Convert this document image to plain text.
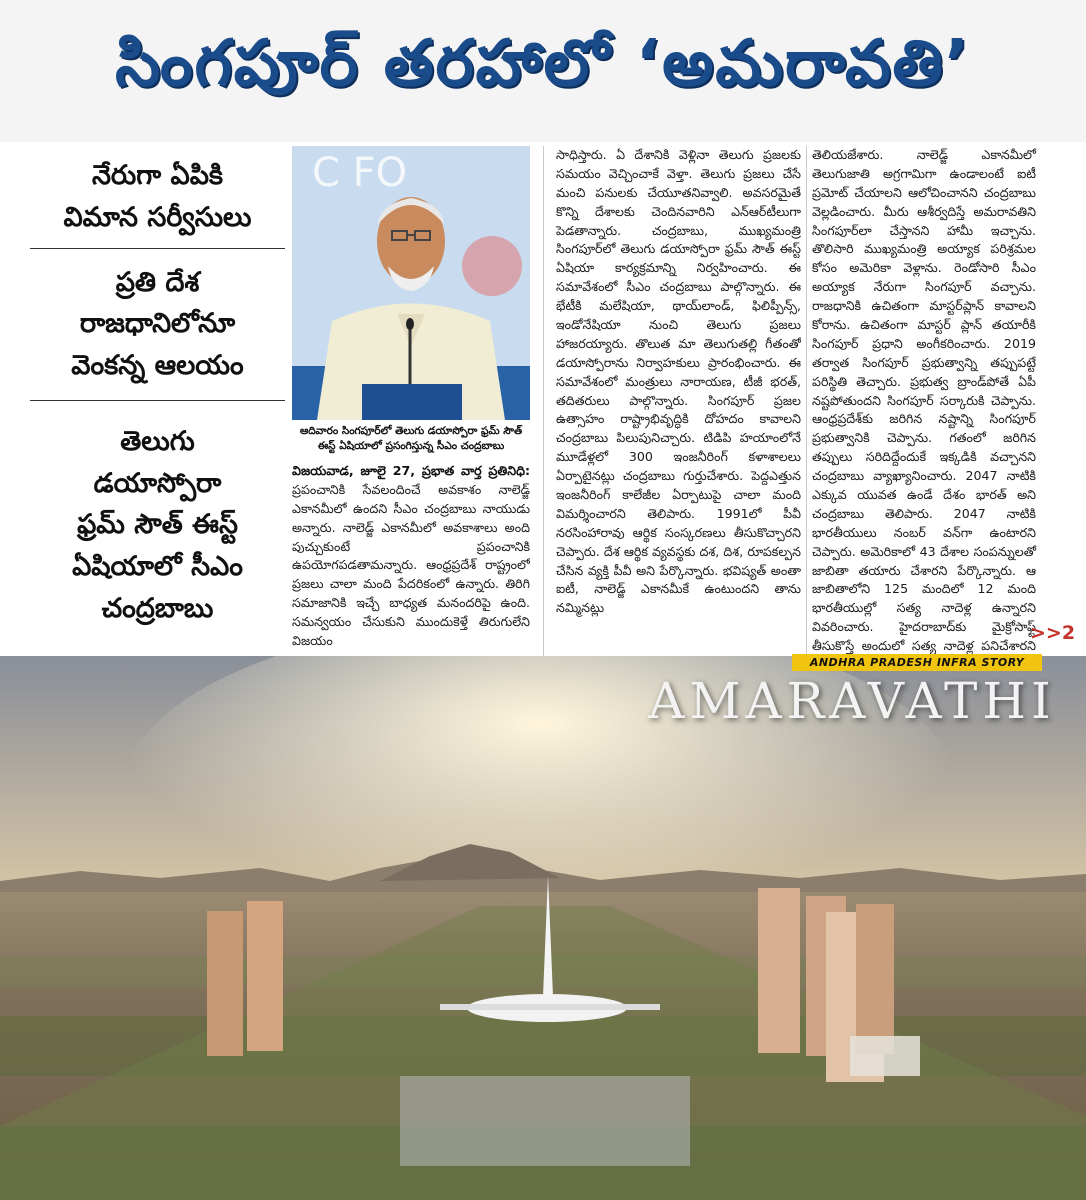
సింగపూర్ తరహాలో ‘అమరావతి’
నేరుగా ఏపికి
విమాన సర్వీసులు
ప్రతి దేశ
రాజధానిలోనూ
వెంకన్న ఆలయం
తెలుగు
డయాస్పోరా
ఫ్రమ్ సౌత్ ఈస్ట్
ఏషియాలో సీఎం
చంద్రబాబు
C FO
ఆదివారం సింగపూర్‌లో తెలుగు డయాస్పోరా ఫ్రమ్ సౌత్ ఈస్ట్ ఏషియాలో ప్రసంగిస్తున్న సీఎం చంద్రబాబు

విజయవాడ, జూలై 27, ప్రభాత వార్త ప్రతినిధి: ప్రపంచానికి సేవలందించే అవకాశం నాలెడ్జ్ ఎకానమీలో ఉందని సీఎం చంద్రబాబు నాయుడు అన్నారు. నాలెడ్జ్ ఎకానమీలో అవకాశాలు అంది పుచ్చుకుంటే ప్రపంచానికి ఉపయోగపడతామన్నారు. ఆంధ్రప్రదేశ్ రాష్ట్రంలో ప్రజలు చాలా మంది పేదరికంలో ఉన్నారు. తిరిగి సమాజానికి ఇచ్చే బాధ్యత మనందరిపై ఉంది. సమన్వయం చేసుకుని ముందుకెళ్తే తిరుగులేని విజయం

సాధిస్తారు. ఏ దేశానికి వెళ్లినా తెలుగు ప్రజలకు సమయం వెచ్చించాకే వెళ్తా. తెలుగు ప్రజలు చేసే మంచి పనులకు చేయూతనివ్వాలి. అవసరమైతే కొన్ని దేశాలకు చెందినవారిని ఎన్ఆర్‌టీలుగా పెడతాన్నారు. చంద్రబాబు, ముఖ్యమంత్రి సింగపూర్‌లో తెలుగు డయాస్పోరా ఫ్రమ్ సౌత్ ఈస్ట్ ఏషియా కార్యక్రమాన్ని నిర్వహించారు. ఈ సమావేశంలో సీఎం చంద్రబాబు పాల్గొన్నారు. ఈ భేటీకి మలేషియా, థాయ్‌లాండ్, ఫిలిప్పీన్స్, ఇండోనేషియా నుంచి తెలుగు ప్రజలు హాజరయ్యారు. తొలుత మా తెలుగుతల్లి గీతంతో డయాస్పోరాను నిర్వాహకులు ప్రారంభించారు. ఈ సమావేశంలో మంత్రులు నారాయణ, టీజీ భరత్, తదితరులు పాల్గొన్నారు. సింగపూర్ ప్రజల ఉత్సాహం రాష్ట్రాభివృద్ధికి దోహదం కావాలని చంద్రబాబు పిలుపునిచ్చారు. టిడిపి హయాంలోనే మూడేళ్లలో 300 ఇంజనీరింగ్ కళాశాలలు ఏర్పాటైనట్లు చంద్రబాబు గుర్తుచేశారు. పెద్దఎత్తున ఇంజనీరింగ్ కాలేజీల ఏర్పాటుపై చాలా మంది విమర్శించారని తెలిపారు. 1991లో పీవీ నరసింహారావు ఆర్థిక సంస్కరణలు తీసుకొచ్చారని చెప్పారు. దేశ ఆర్థిక వ్యవస్థకు దశ, దిశ, రూపకల్పన చేసిన వ్యక్తి పీవీ అని పేర్కొన్నారు. భవిష్యత్ అంతా ఐటీ, నాలెడ్జ్ ఎకానమీకే ఉంటుందని తాను నమ్మినట్లు

తెలియజేశారు. నాలెడ్జ్ ఎకానమీలో తెలుగుజాతి అగ్రగామిగా ఉండాలంటే ఐటీ ప్రమోట్ చేయాలని ఆలోచించానని చంద్రబాబు వెల్లడించారు. మీరు ఆశీర్వదిస్తే అమరావతిని సింగపూర్‌లా చేస్తానని హామీ ఇచ్చాను. తొలిసారి ముఖ్యమంత్రి అయ్యాక పరిశ్రమల కోసం అమెరికా వెళ్లాను. రెండోసారి సీఎం అయ్యాక నేరుగా సింగపూర్ వచ్చాను. రాజధానికి ఉచితంగా మాస్టర్‌ప్లాన్ కావాలని కోరాను. ఉచితంగా మాస్టర్ ప్లాన్ తయారీకి సింగపూర్ ప్రధాని అంగీకరించారు. 2019 తర్వాత సింగపూర్ ప్రభుత్వాన్ని తప్పుపట్టే పరిస్థితి తెచ్చారు. ప్రభుత్వ బ్రాండ్‌పోతే ఏపీ నష్టపోతుందని సింగపూర్ సర్కారుకి చెప్పాను. ఆంధ్రప్రదేశ్‌కు జరిగిన నష్టాన్ని సింగపూర్ ప్రభుత్వానికి చెప్పాను. గతంలో జరిగిన తప్పులు సరిదిద్దేందుకే ఇక్కడికి వచ్చానని చంద్రబాబు వ్యాఖ్యానించారు. 2047 నాటికి ఎక్కువ యువత ఉండే దేశం భారత్ అని చంద్రబాబు తెలిపారు. 2047 నాటికి భారతీయులు నంబర్ వన్‌గా ఉంటారని చెప్పారు. అమెరికాలో 43 దేశాల సంపన్నులతో జాబితా తయారు చేశారని పేర్కొన్నారు. ఆ జాబితాలోని 125 మందిలో 12 మంది భారతీయుల్లో సత్య నాదెళ్ల ఉన్నారని వివరించారు. హైదరాబాద్‌కు మైక్రోసాఫ్ట్ తీసుకొస్తే అందులో సత్య నాదెళ్ల పనిచేశారని

>>2
ANDHRA PRADESH INFRA STORY
AMARAVATHI
